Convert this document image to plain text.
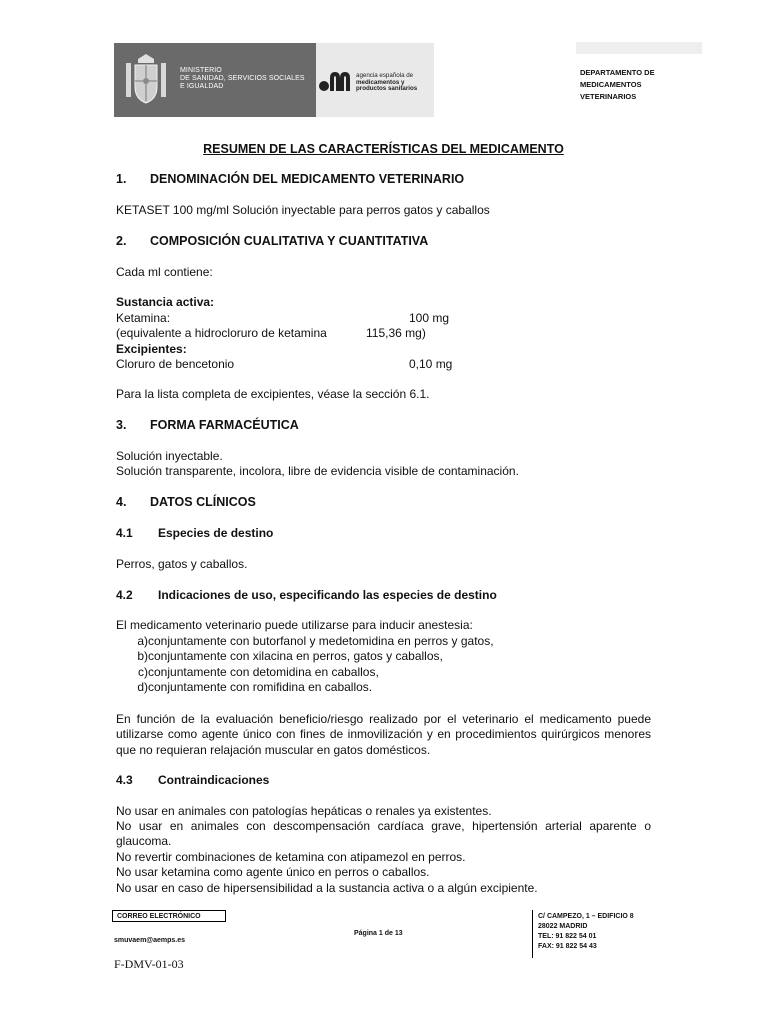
MINISTERIO
DE SANIDAD, SERVICIOS SOCIALES
E IGUALDAD
agencia española de
medicamentos y
productos sanitarios
DEPARTAMENTO DE
MEDICAMENTOS
VETERINARIOS
RESUMEN DE LAS CARACTERÍSTICAS DEL MEDICAMENTO
1. DENOMINACIÓN DEL MEDICAMENTO VETERINARIO
KETASET 100 mg/ml Solución inyectable para perros gatos y caballos
2. COMPOSICIÓN CUALITATIVA Y CUANTITATIVA
Cada ml contiene:
Sustancia activa:
Ketamina:	100 mg
(equivalente a hidrocloruro de ketamina	115,36 mg)
Excipientes:
Cloruro de bencetonio	0,10 mg
Para la lista completa de excipientes, véase la sección 6.1.
3. FORMA FARMACÉUTICA
Solución inyectable.
Solución transparente, incolora, libre de evidencia visible de contaminación.
4. DATOS CLÍNICOS
4.1 Especies de destino
Perros, gatos y caballos.
4.2 Indicaciones de uso, especificando las especies de destino
El medicamento veterinario puede utilizarse para inducir anestesia:
a)conjuntamente con butorfanol y medetomidina en perros y gatos,
b)conjuntamente con xilacina en perros, gatos y caballos,
c)conjuntamente con detomidina en caballos,
d)conjuntamente con romifidina en caballos.
En función de la evaluación beneficio/riesgo realizado por el veterinario el medicamento puede utilizarse como agente único con fines de inmovilización y en procedimientos quirúrgicos menores que no requieran relajación muscular en gatos domésticos.
4.3 Contraindicaciones
No usar en animales con patologías hepáticas o renales ya existentes.
No usar en animales con descompensación cardíaca grave, hipertensión arterial aparente o glaucoma.
No revertir combinaciones de ketamina con atipamezol en perros.
No usar ketamina como agente único en perros o caballos.
No usar en caso de hipersensibilidad a la sustancia activa o a algún excipiente.
CORREO ELECTRÓNICO
smuvaem@aemps.es
Página 1 de 13
C/ CAMPEZO, 1 – EDIFICIO 8
28022 MADRID
TEL: 91 822 54 01
FAX: 91 822 54 43
F-DMV-01-03
